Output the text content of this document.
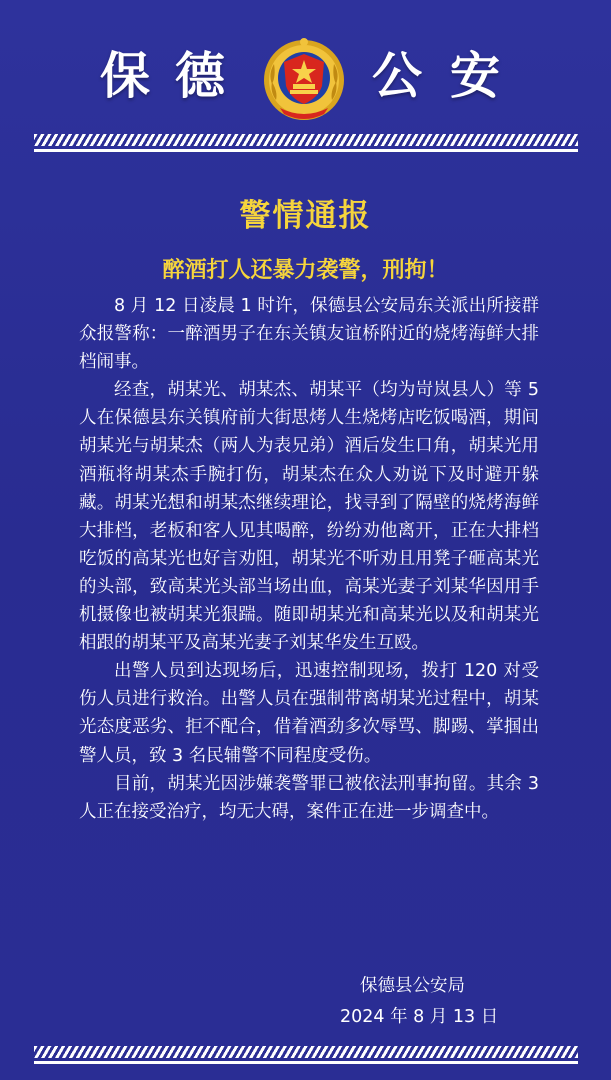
保 德	公 安
警情通报
醉酒打人还暴力袭警，刑拘！

8 月 12 日凌晨 1 时许，保德县公安局东关派出所接群众报警称：一醉酒男子在东关镇友谊桥附近的烧烤海鲜大排档闹事。

经查，胡某光、胡某杰、胡某平（均为岢岚县人）等 5 人在保德县东关镇府前大街思烤人生烧烤店吃饭喝酒，期间胡某光与胡某杰（两人为表兄弟）酒后发生口角，胡某光用酒瓶将胡某杰手腕打伤，胡某杰在众人劝说下及时避开躲藏。胡某光想和胡某杰继续理论，找寻到了隔壁的烧烤海鲜大排档，老板和客人见其喝醉，纷纷劝他离开，正在大排档吃饭的高某光也好言劝阻，胡某光不听劝且用凳子砸高某光的头部，致高某光头部当场出血，高某光妻子刘某华因用手机摄像也被胡某光狠踹。随即胡某光和高某光以及和胡某光相跟的胡某平及高某光妻子刘某华发生互殴。

出警人员到达现场后，迅速控制现场，拨打 120 对受伤人员进行救治。出警人员在强制带离胡某光过程中，胡某光态度恶劣、拒不配合，借着酒劲多次辱骂、脚踢、掌掴出警人员，致 3 名民辅警不同程度受伤。

目前，胡某光因涉嫌袭警罪已被依法刑事拘留。其余 3 人正在接受治疗，均无大碍，案件正在进一步调查中。

保德县公安局
2024 年 8 月 13 日
